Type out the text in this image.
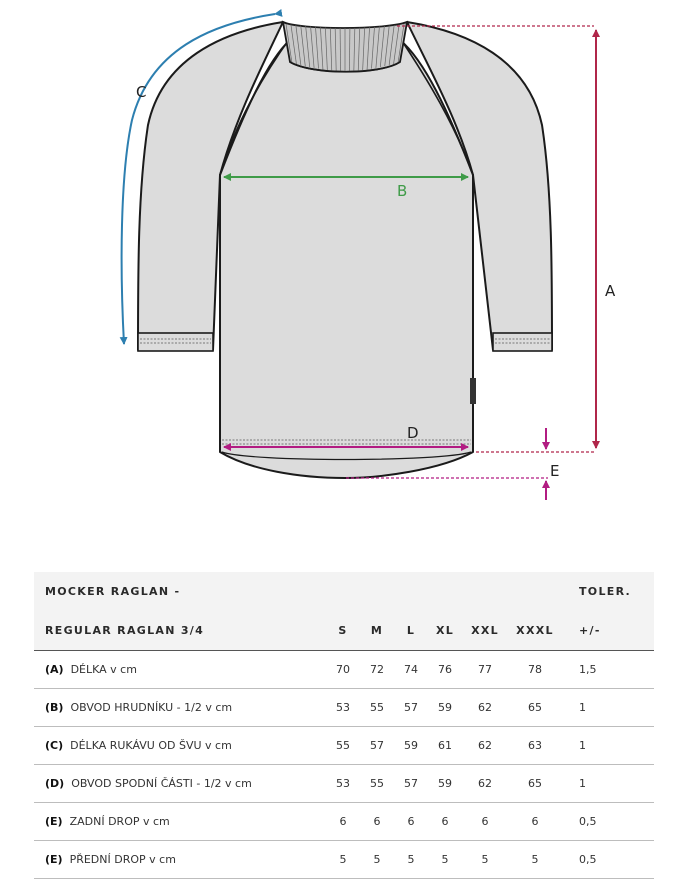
C
B
A
D
E
MOCKER RAGLAN -							TOLER.
REGULAR RAGLAN 3/4	S	M	L	XL	XXL	XXXL	+/-
(A) DÉLKA v cm	70	72	74	76	77	78	1,5
(B) OBVOD HRUDNÍKU - 1/2 v cm	53	55	57	59	62	65	1
(C) DÉLKA RUKÁVU OD ŠVU v cm	55	57	59	61	62	63	1
(D) OBVOD SPODNÍ ČÁSTI - 1/2 v cm	53	55	57	59	62	65	1
(E) ZADNÍ DROP v cm	6	6	6	6	6	6	0,5
(E) PŘEDNÍ DROP v cm	5	5	5	5	5	5	0,5
